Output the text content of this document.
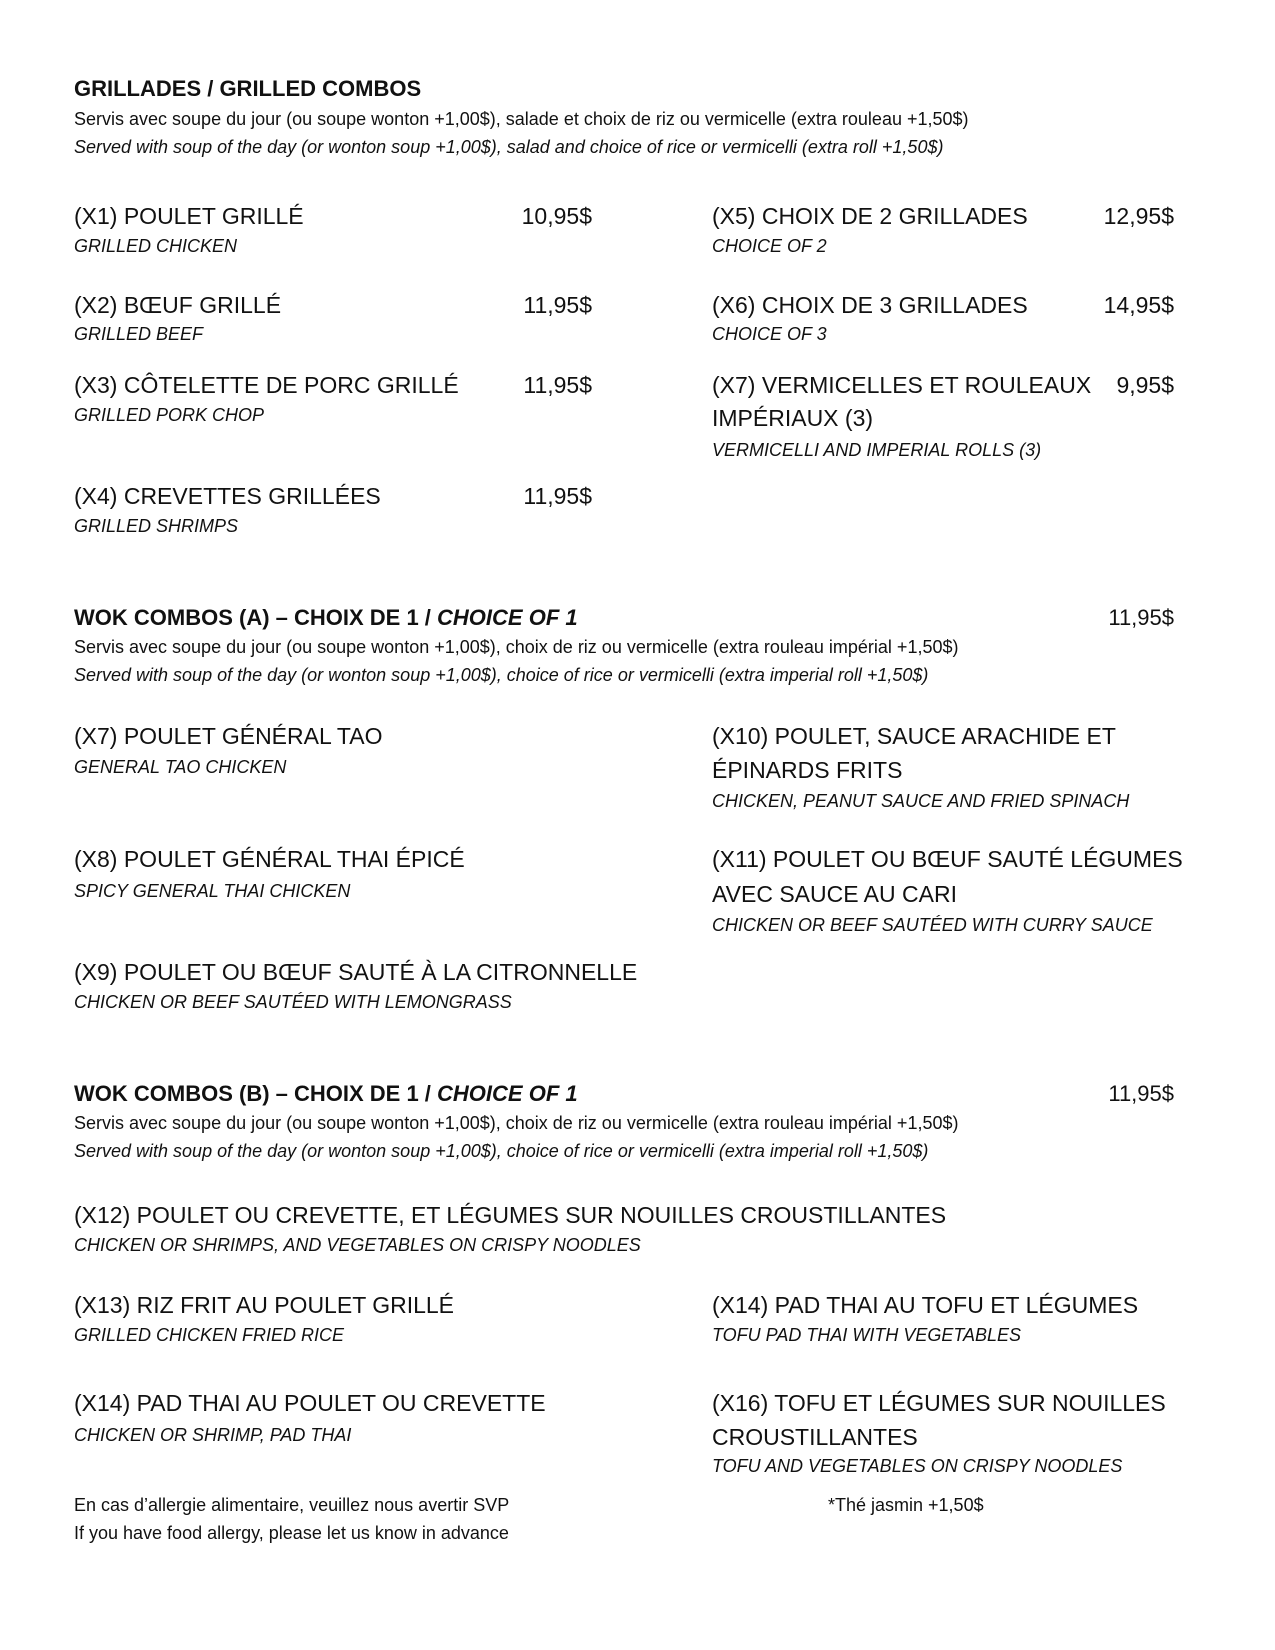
GRILLADES / GRILLED COMBOS
Servis avec soupe du jour (ou soupe wonton +1,00$), salade et choix de riz ou vermicelle (extra rouleau +1,50$)
Served with soup of the day (or wonton soup +1,00$), salad and choice of rice or vermicelli (extra roll +1,50$)
(X1) POULET GRILLÉ	10,95$
GRILLED CHICKEN
(X2) BŒUF GRILLÉ	11,95$
GRILLED BEEF
(X3) CÔTELETTE DE PORC GRILLÉ	11,95$
GRILLED PORK CHOP
(X4) CREVETTES GRILLÉES	11,95$
GRILLED SHRIMPS
(X5) CHOIX DE 2 GRILLADES	12,95$
CHOICE OF 2
(X6) CHOIX DE 3 GRILLADES	14,95$
CHOICE OF 3
(X7) VERMICELLES ET ROULEAUX	9,95$
IMPÉRIAUX (3)
VERMICELLI AND IMPERIAL ROLLS (3)
WOK COMBOS (A) – CHOIX DE 1 / CHOICE OF 1	11,95$
Servis avec soupe du jour (ou soupe wonton +1,00$), choix de riz ou vermicelle (extra rouleau impérial +1,50$)
Served with soup of the day (or wonton soup +1,00$), choice of rice or vermicelli (extra imperial roll +1,50$)
(X7) POULET GÉNÉRAL TAO
GENERAL TAO CHICKEN
(X8) POULET GÉNÉRAL THAI ÉPICÉ
SPICY GENERAL THAI CHICKEN
(X9) POULET OU BŒUF SAUTÉ À LA CITRONNELLE
CHICKEN OR BEEF SAUTÉED WITH LEMONGRASS
(X10) POULET, SAUCE ARACHIDE ET
ÉPINARDS FRITS
CHICKEN, PEANUT SAUCE AND FRIED SPINACH
(X11) POULET OU BŒUF SAUTÉ LÉGUMES
AVEC SAUCE AU CARI
CHICKEN OR BEEF SAUTÉED WITH CURRY SAUCE
WOK COMBOS (B) – CHOIX DE 1 / CHOICE OF 1	11,95$
Servis avec soupe du jour (ou soupe wonton +1,00$), choix de riz ou vermicelle (extra rouleau impérial +1,50$)
Served with soup of the day (or wonton soup +1,00$), choice of rice or vermicelli (extra imperial roll +1,50$)
(X12) POULET OU CREVETTE, ET LÉGUMES SUR NOUILLES CROUSTILLANTES
CHICKEN OR SHRIMPS, AND VEGETABLES ON CRISPY NOODLES
(X13) RIZ FRIT AU POULET GRILLÉ
GRILLED CHICKEN FRIED RICE
(X14) PAD THAI AU POULET OU CREVETTE
CHICKEN OR SHRIMP, PAD THAI
(X14) PAD THAI AU TOFU ET LÉGUMES
TOFU PAD THAI WITH VEGETABLES
(X16) TOFU ET LÉGUMES SUR NOUILLES
CROUSTILLANTES
TOFU AND VEGETABLES ON CRISPY NOODLES
En cas d’allergie alimentaire, veuillez nous avertir SVP
If you have food allergy, please let us know in advance
*Thé jasmin +1,50$
